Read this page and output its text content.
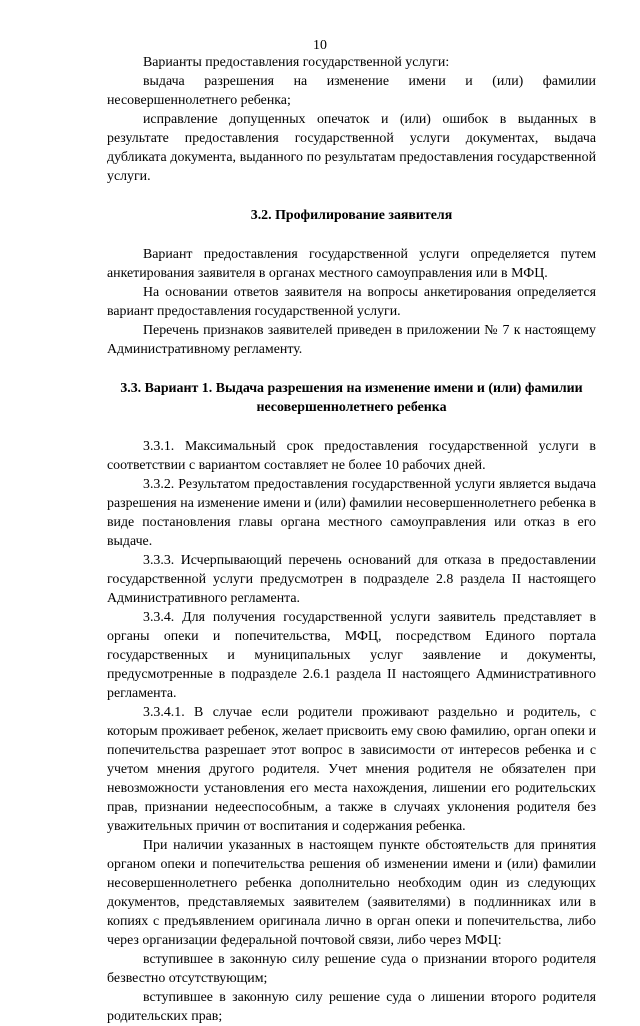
10

Варианты предоставления государственной услуги:

выдача разрешения на изменение имени и (или) фамилии несовершеннолетнего ребенка;

исправление допущенных опечаток и (или) ошибок в выданных в результате предоставления государственной услуги документах, выдача дубликата документа, выданного по результатам предоставления государственной услуги.

3.2. Профилирование заявителя

Вариант предоставления государственной услуги определяется путем анкетирования заявителя в органах местного самоуправления или в МФЦ.

На основании ответов заявителя на вопросы анкетирования определяется вариант предоставления государственной услуги.

Перечень признаков заявителей приведен в приложении № 7 к настоящему Административному регламенту.

3.3. Вариант 1. Выдача разрешения на изменение имени и (или) фамилии несовершеннолетнего ребенка

3.3.1. Максимальный срок предоставления государственной услуги в соответствии с вариантом составляет не более 10 рабочих дней.

3.3.2. Результатом предоставления государственной услуги является выдача разрешения на изменение имени и (или) фамилии несовершеннолетнего ребенка в виде постановления главы органа местного самоуправления или отказ в его выдаче.

3.3.3. Исчерпывающий перечень оснований для отказа в предоставлении государственной услуги предусмотрен в подразделе 2.8 раздела II настоящего Административного регламента.

3.3.4. Для получения государственной услуги заявитель представляет в органы опеки и попечительства, МФЦ, посредством Единого портала государственных и муниципальных услуг заявление и документы, предусмотренные в подразделе 2.6.1 раздела II настоящего Административного регламента.

3.3.4.1. В случае если родители проживают раздельно и родитель, с которым проживает ребенок, желает присвоить ему свою фамилию, орган опеки и попечительства разрешает этот вопрос в зависимости от интересов ребенка и с учетом мнения другого родителя. Учет мнения родителя не обязателен при невозможности установления его места нахождения, лишении его родительских прав, признании недееспособным, а также в случаях уклонения родителя без уважительных причин от воспитания и содержания ребенка.

При наличии указанных в настоящем пункте обстоятельств для принятия органом опеки и попечительства решения об изменении имени и (или) фамилии несовершеннолетнего ребенка дополнительно необходим один из следующих документов, представляемых заявителем (заявителями) в подлинниках или в копиях с предъявлением оригинала лично в орган опеки и попечительства, либо через организации федеральной почтовой связи, либо через МФЦ:

вступившее в законную силу решение суда о признании второго родителя безвестно отсутствующим;

вступившее в законную силу решение суда о лишении второго родителя родительских прав;
